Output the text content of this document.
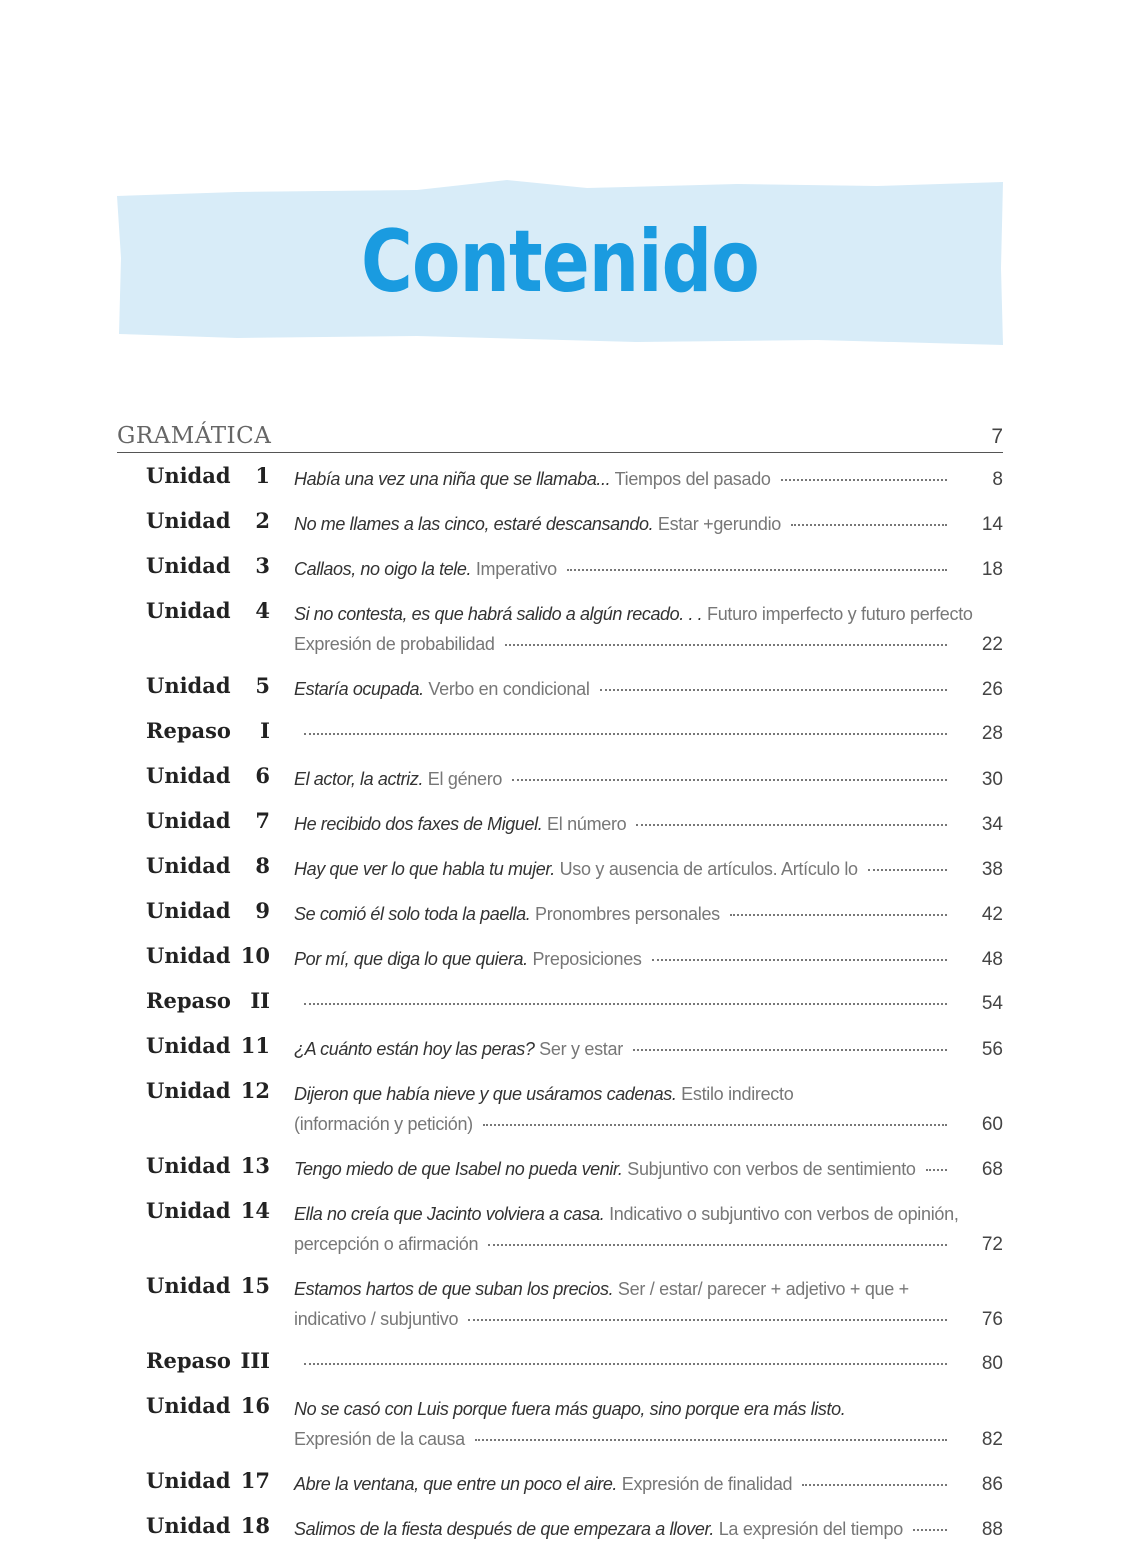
Contenido
GRAMÁTICA	7
Unidad 1 Había una vez una niña que se llamaba... Tiempos del pasado	8
Unidad 2 No me llames a las cinco, estaré descansando. Estar +gerundio	14
Unidad 3 Callaos, no oigo la tele. Imperativo	18
Unidad 4 Si no contesta, es que habrá salido a algún recado. . . Futuro imperfecto y futuro perfecto
Expresión de probabilidad	22
Unidad 5 Estaría ocupada. Verbo en condicional	26
Repaso I	28
Unidad 6 El actor, la actriz. El género	30
Unidad 7 He recibido dos faxes de Miguel. El número	34
Unidad 8 Hay que ver lo que habla tu mujer. Uso y ausencia de artículos. Artículo lo	38
Unidad 9 Se comió él solo toda la paella. Pronombres personales	42
Unidad 10 Por mí, que diga lo que quiera. Preposiciones	48
Repaso II	54
Unidad 11 ¿A cuánto están hoy las peras? Ser y estar	56
Unidad 12 Dijeron que había nieve y que usáramos cadenas. Estilo indirecto
(información y petición)	60
Unidad 13 Tengo miedo de que Isabel no pueda venir. Subjuntivo con verbos de sentimiento	68
Unidad 14 Ella no creía que Jacinto volviera a casa. Indicativo o subjuntivo con verbos de opinión,
percepción o afirmación	72
Unidad 15 Estamos hartos de que suban los precios. Ser / estar/ parecer + adjetivo + que +
indicativo / subjuntivo	76
Repaso III	80
Unidad 16 No se casó con Luis porque fuera más guapo, sino porque era más listo.
Expresión de la causa	82
Unidad 17 Abre la ventana, que entre un poco el aire. Expresión de finalidad	86
Unidad 18 Salimos de la fiesta después de que empezara a llover. La expresión del tiempo	88
